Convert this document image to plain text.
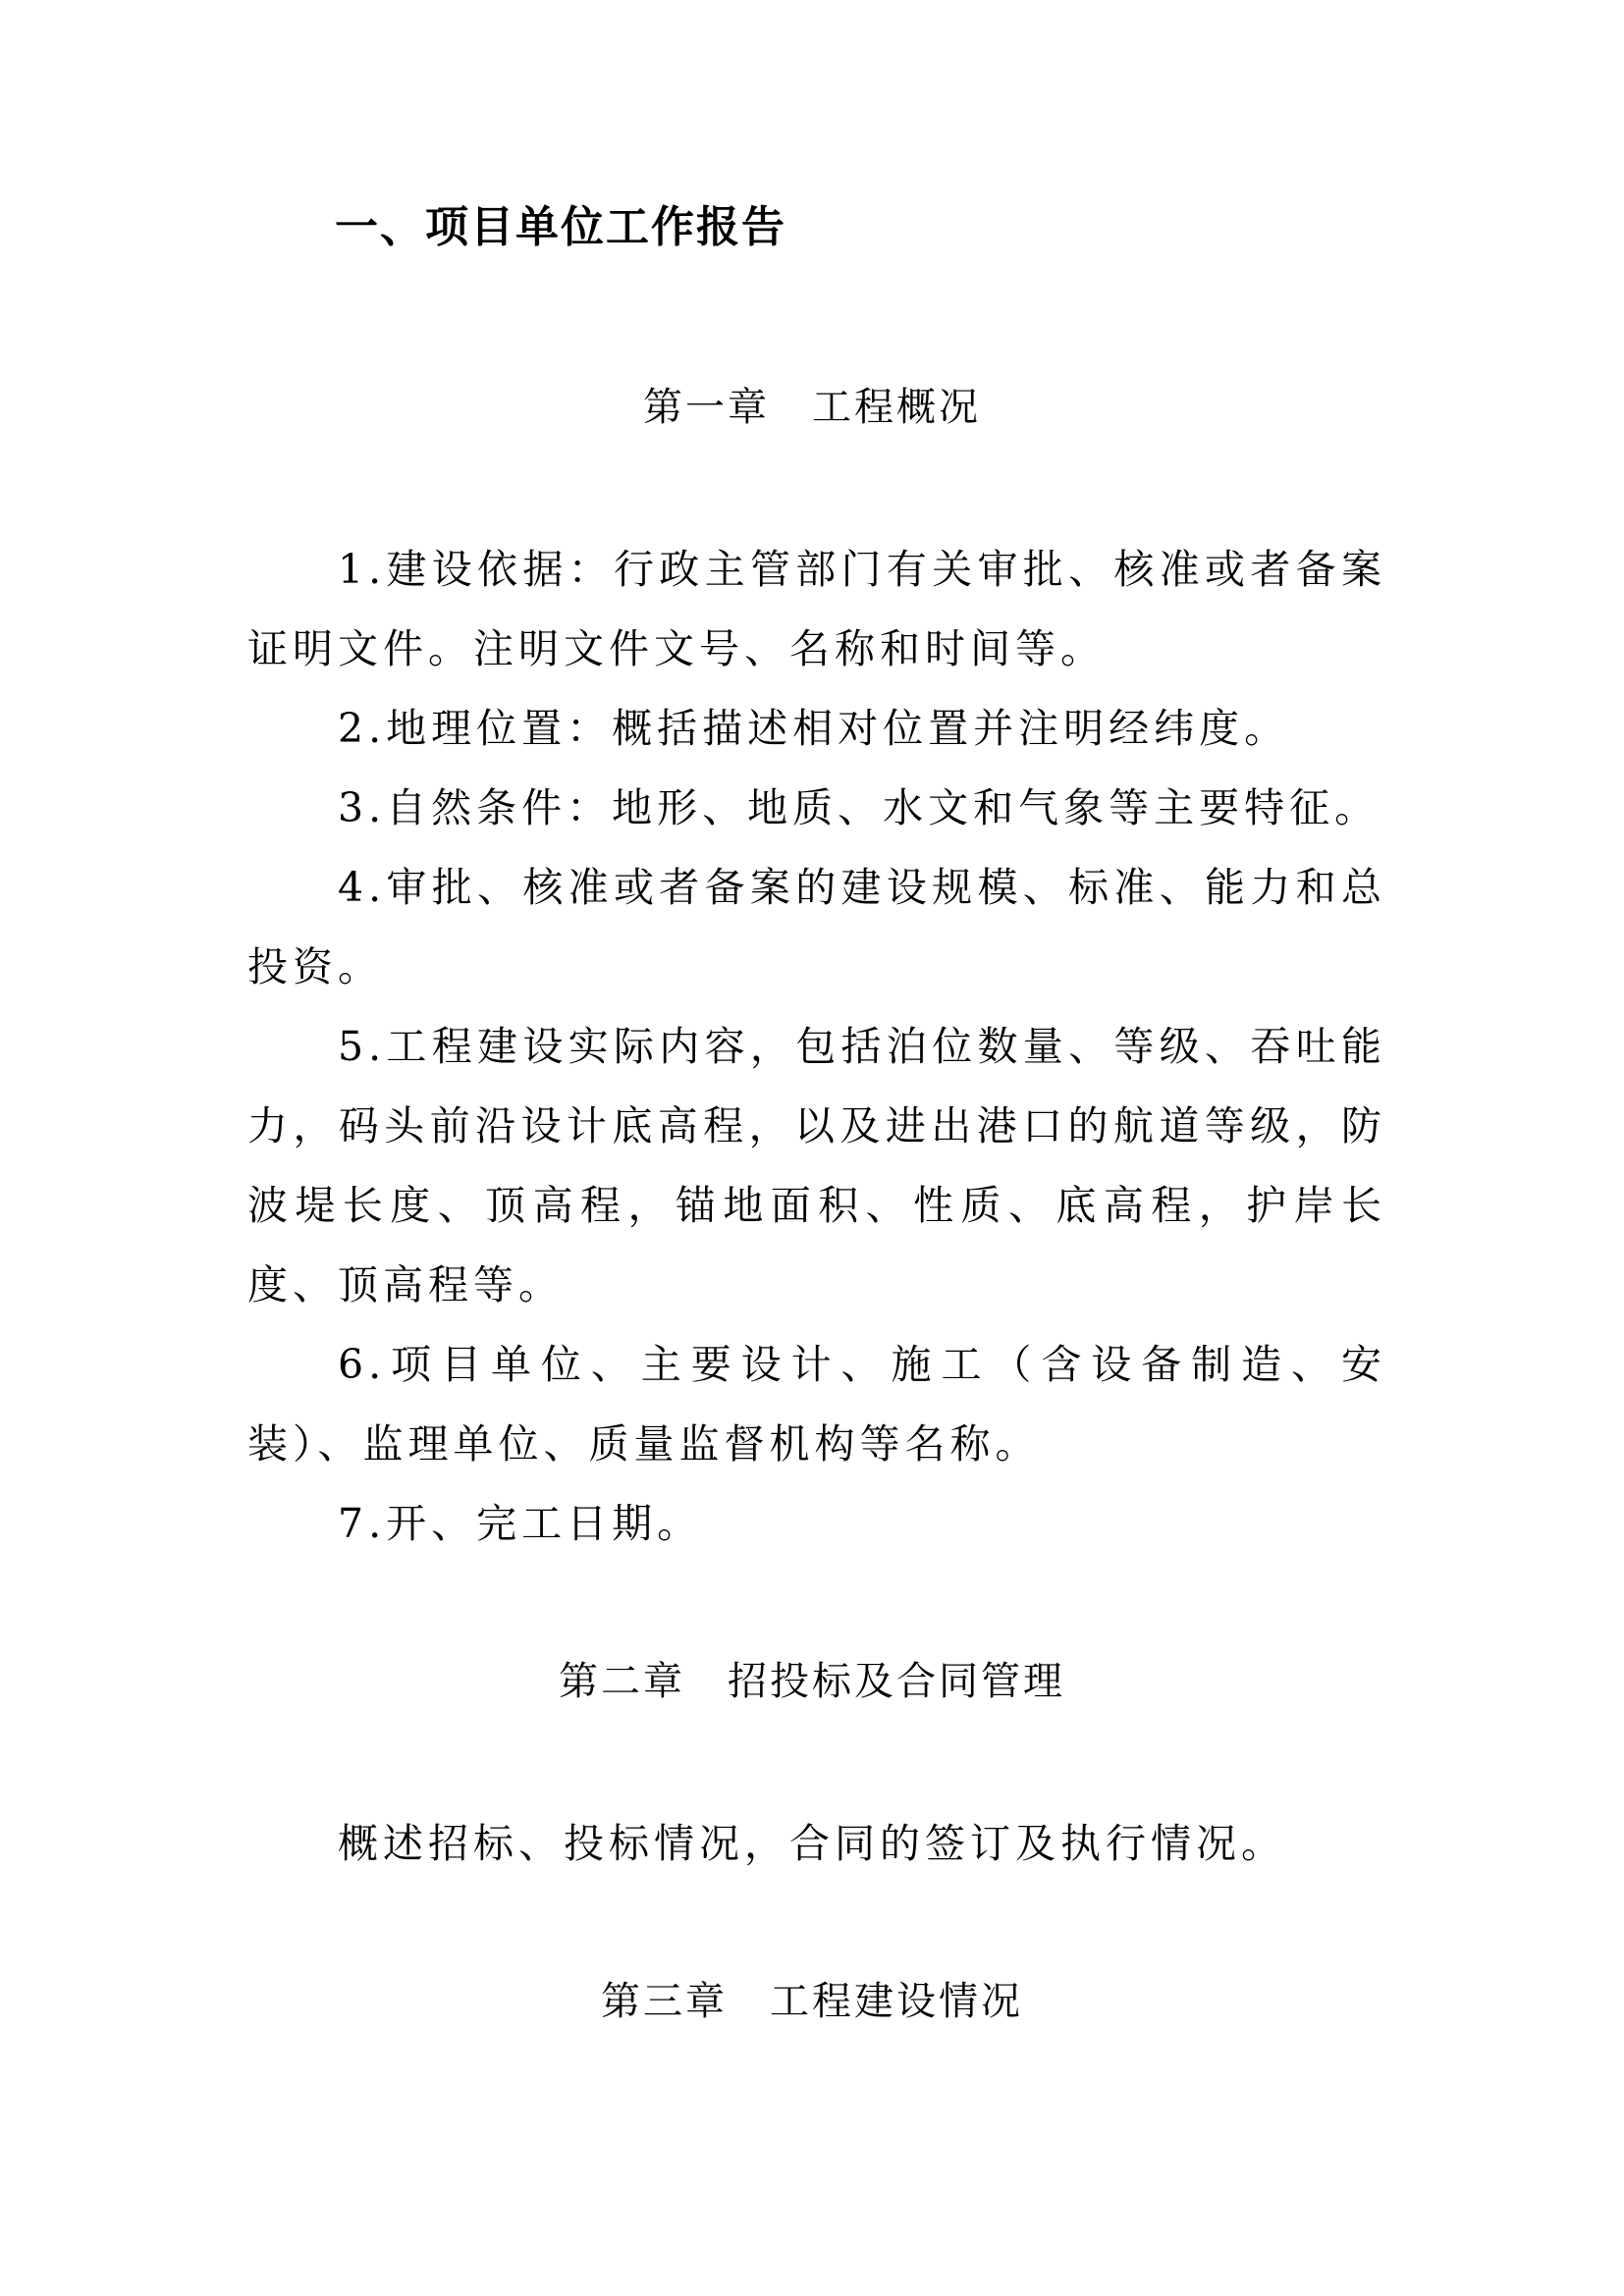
一、项目单位工作报告
第一章　工程概况

1.建设依据：行政主管部门有关审批、核准或者备案证明文件。注明文件文号、名称和时间等。

2.地理位置：概括描述相对位置并注明经纬度。

3.自然条件：地形、地质、水文和气象等主要特征。

4.审批、核准或者备案的建设规模、标准、能力和总投资。

5.工程建设实际内容，包括泊位数量、等级、吞吐能力，码头前沿设计底高程，以及进出港口的航道等级，防波堤长度、顶高程，锚地面积、性质、底高程，护岸长度、顶高程等。

6.项目单位、主要设计、施工（含设备制造、安装）、监理单位、质量监督机构等名称。

7.开、完工日期。

第二章　招投标及合同管理

概述招标、投标情况，合同的签订及执行情况。

第三章　工程建设情况
